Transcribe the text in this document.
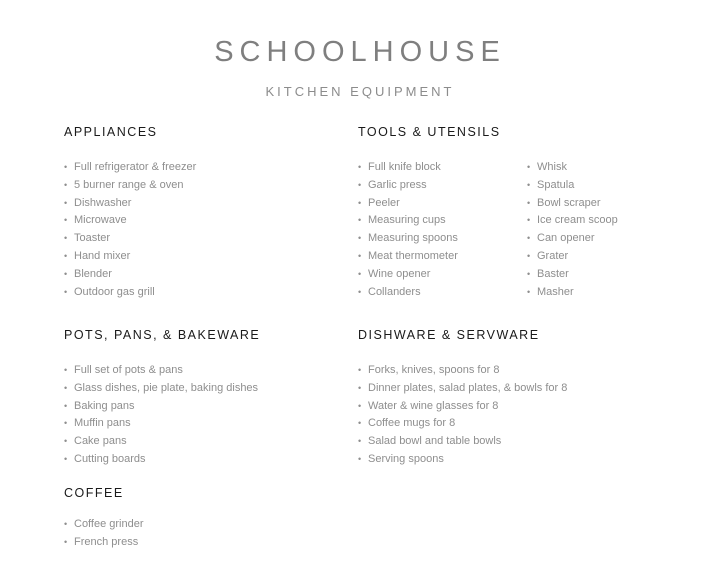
SCHOOLHOUSE
KITCHEN EQUIPMENT
APPLIANCES
• Full refrigerator & freezer
• 5 burner range & oven
• Dishwasher
• Microwave
• Toaster
• Hand mixer
• Blender
• Outdoor gas grill
TOOLS & UTENSILS
• Full knife block
• Garlic press
• Peeler
• Measuring cups
• Measuring spoons
• Meat thermometer
• Wine opener
• Collanders
• Whisk
• Spatula
• Bowl scraper
• Ice cream scoop
• Can opener
• Grater
• Baster
• Masher
POTS, PANS, & BAKEWARE
• Full set of pots & pans
• Glass dishes, pie plate, baking dishes
• Baking pans
• Muffin pans
• Cake pans
• Cutting boards
DISHWARE & SERVWARE
• Forks, knives, spoons for 8
• Dinner plates, salad plates, & bowls for 8
• Water & wine glasses for 8
• Coffee mugs for 8
• Salad bowl and table bowls
• Serving spoons
COFFEE
• Coffee grinder
• French press
